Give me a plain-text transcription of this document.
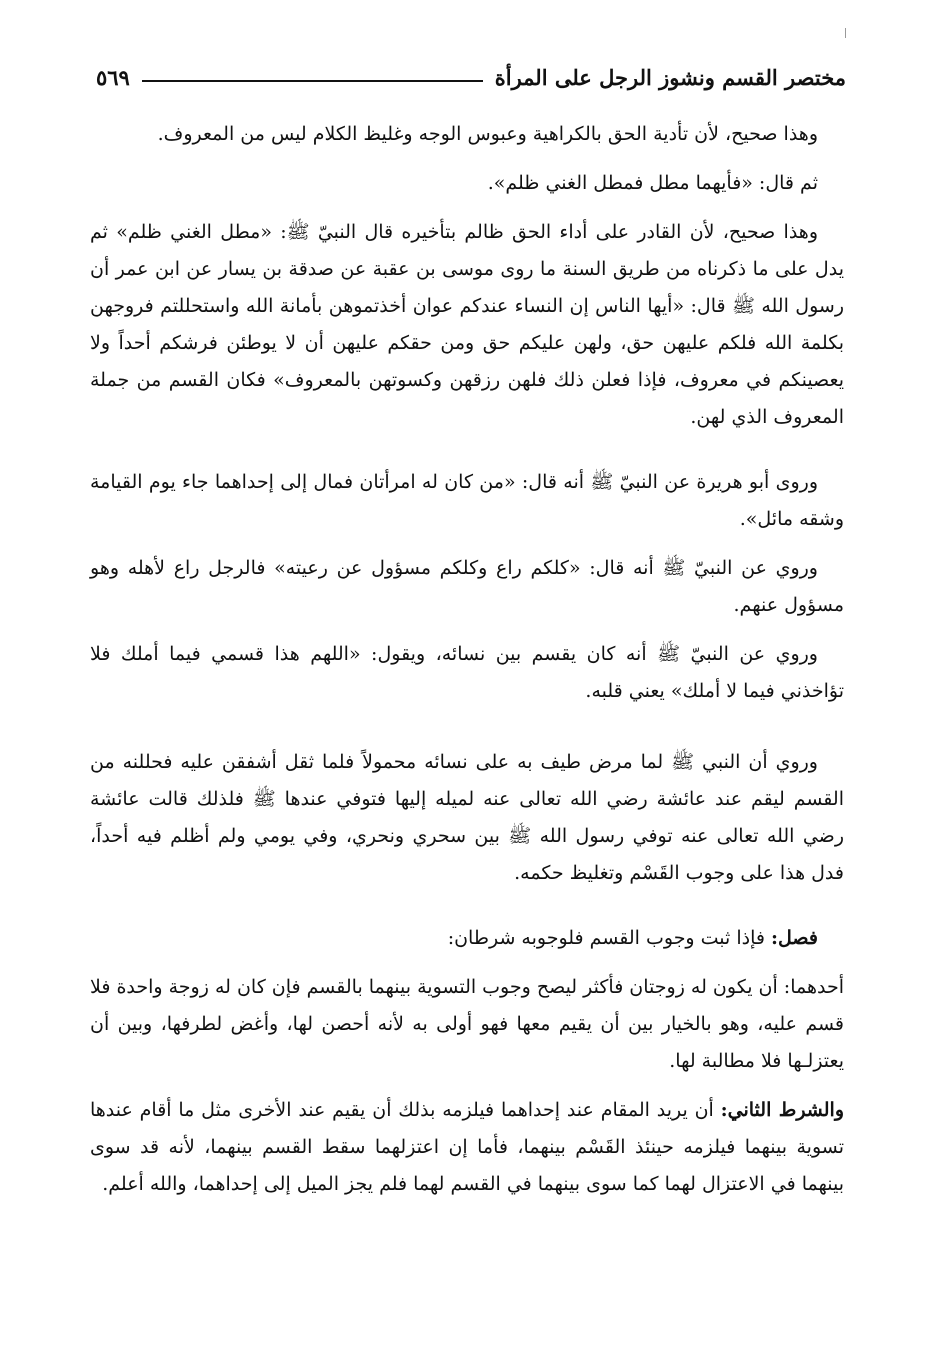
مختصر القسم ونشوز الرجل على المرأة
٥٦٩

وهذا صحيح، لأن تأدية الحق بالكراهية وعبوس الوجه وغليظ الكلام ليس من المعروف.

ثم قال: «فأيهما مطل فمطل الغني ظلم».

وهذا صحيح، لأن القادر على أداء الحق ظالم بتأخيره قال النبيّ ﷺ: «مطل الغني ظلم» ثم يدل على ما ذكرناه من طريق السنة ما روى موسى بن عقبة عن صدقة بن يسار عن ابن عمر أن رسول الله ﷺ قال: «أيها الناس إن النساء عندكم عوان أخذتموهن بأمانة الله واستحللتم فروجهن بكلمة الله فلكم عليهن حق، ولهن عليكم حق ومن حقكم عليهن أن لا يوطئن فرشكم أحداً ولا يعصينكم في معروف، فإذا فعلن ذلك فلهن رزقهن وكسوتهن بالمعروف» فكان القسم من جملة المعروف الذي لهن.

وروى أبو هريرة عن النبيّ ﷺ أنه قال: «من كان له امرأتان فمال إلى إحداهما جاء يوم القيامة وشقه مائل».

وروي عن النبيّ ﷺ أنه قال: «كلكم راع وكلكم مسؤول عن رعيته» فالرجل راع لأهله وهو مسؤول عنهم.

وروي عن النبيّ ﷺ أنه كان يقسم بين نسائه، ويقول: «اللهم هذا قسمي فيما أملك فلا تؤاخذني فيما لا أملك» يعني قلبه.

وروي أن النبي ﷺ لما مرض طيف به على نسائه محمولاً فلما ثقل أشفقن عليه فحللنه من القسم ليقم عند عائشة رضي الله تعالى عنه لميله إليها فتوفي عندها ﷺ فلذلك قالت عائشة رضي الله تعالى عنه توفي رسول الله ﷺ بين سحري ونحري، وفي يومي ولم أظلم فيه أحداً، فدل هذا على وجوب القَسْم وتغليظ حكمه.

فصل: فإذا ثبت وجوب القسم فلوجوبه شرطان:

أحدهما: أن يكون له زوجتان فأكثر ليصح وجوب التسوية بينهما بالقسم فإن كان له زوجة واحدة فلا قسم عليه، وهو بالخيار بين أن يقيم معها فهو أولى به لأنه أحصن لها، وأغض لطرفها، وبين أن يعتزلـها فلا مطالبة لها.

والشرط الثاني: أن يريد المقام عند إحداهما فيلزمه بذلك أن يقيم عند الأخرى مثل ما أقام عندها تسوية بينهما فيلزمه حينئذ القَسْم بينهما، فأما إن اعتزلهما سقط القسم بينهما، لأنه قد سوى بينهما في الاعتزال لهما كما سوى بينهما في القسم لهما فلم يجز الميل إلى إحداهما، والله أعلم.
